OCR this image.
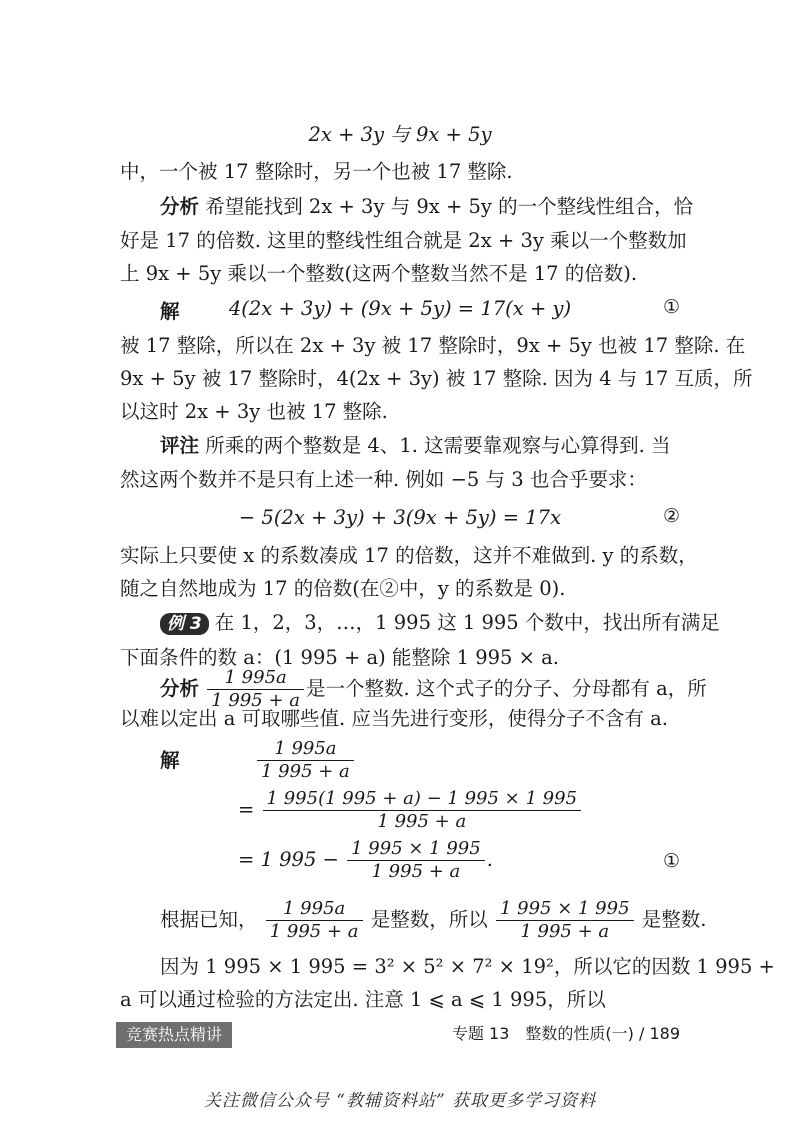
2x + 3y 与 9x + 5y
中，一个被 17 整除时，另一个也被 17 整除.
分析 希望能找到 2x + 3y 与 9x + 5y 的一个整线性组合，恰
好是 17 的倍数. 这里的整线性组合就是 2x + 3y 乘以一个整数加
上 9x + 5y 乘以一个整数(这两个整数当然不是 17 的倍数).
解	4(2x + 3y) + (9x + 5y) = 17(x + y)	①
被 17 整除，所以在 2x + 3y 被 17 整除时，9x + 5y 也被 17 整除. 在
9x + 5y 被 17 整除时，4(2x + 3y) 被 17 整除. 因为 4 与 17 互质，所
以这时 2x + 3y 也被 17 整除.
评注 所乘的两个整数是 4、1. 这需要靠观察与心算得到. 当
然这两个数并不是只有上述一种. 例如 −5 与 3 也合乎要求：
− 5(2x + 3y) + 3(9x + 5y) = 17x	②
实际上只要使 x 的系数凑成 17 的倍数，这并不难做到. y 的系数，
随之自然地成为 17 的倍数(在②中，y 的系数是 0).
例 3 在 1，2，3，…，1 995 这 1 995 个数中，找出所有满足
下面条件的数 a：(1 995 + a) 能整除 1 995 × a.
分析 $\frac{1 995a}{1 995 + a}$ 是一个整数. 这个式子的分子、分母都有 a，所
以难以定出 a 可取哪些值. 应当先进行变形，使得分子不含有 a.
解	$\frac{1 995a}{1 995 + a}$
= $\frac{1 995(1 995 + a) - 1 995 \times 1 995}{1 995 + a}$
= 1 $995 - \frac{1 995 \times 1 995}{1 995 + a}$ .	①
根据已知， $\frac{1 995a}{1 995 + a}$ 是整数，所以 $\frac{1 995 \times 1 995}{1 995 + a}$ 是整数.
因为 1 995 × 1 995 = 3² × 5² × 7² × 19²，所以它的因数 1 995 +
a 可以通过检验的方法定出. 注意 1 ⩽ a ⩽ 1 995，所以
竞赛热点精讲	专题 13　整数的性质(一) / 189
关注微信公众号 “教辅资料站” 获取更多学习资料
